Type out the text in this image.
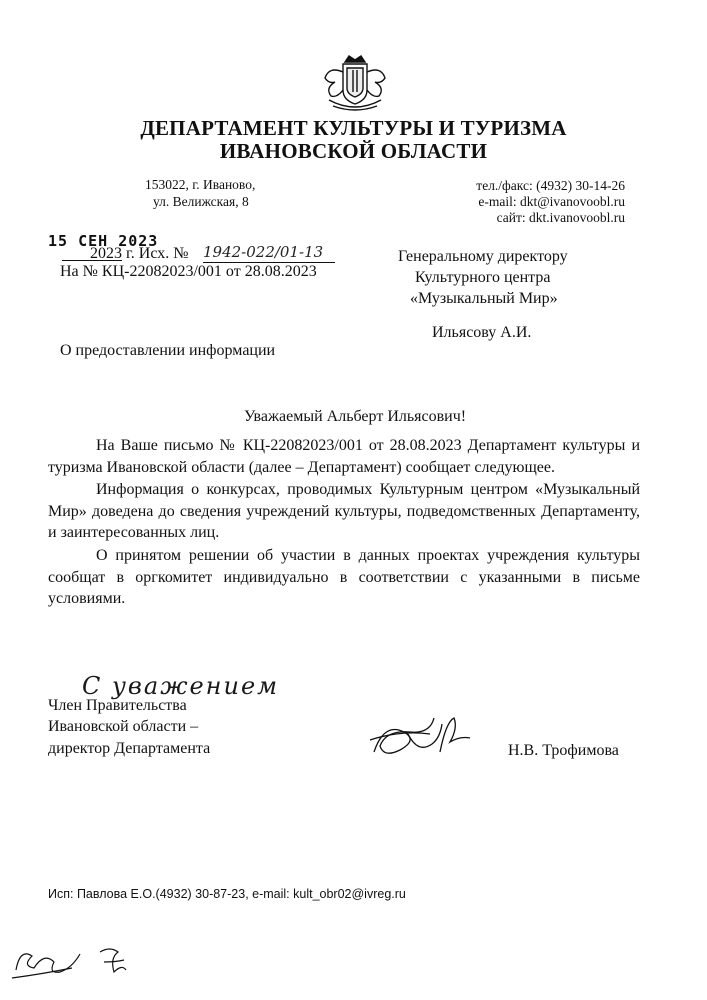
ДЕПАРТАМЕНТ КУЛЬТУРЫ И ТУРИЗМА
ИВАНОВСКОЙ ОБЛАСТИ
153022, г. Иваново,
ул. Велижская, 8
тел./факс: (4932) 30-14-26
e-mail: dkt@ivanovoobl.ru
сайт: dkt.ivanovoobl.ru
15 СЕН 2023
2023 г. Исх. № 1942-022/01-13
На № КЦ-22082023/001 от 28.08.2023
Генеральному директору
Культурного центра
«Музыкальный Мир»
Ильясову А.И.
О предоставлении информации
Уважаемый Альберт Ильясович!
На Ваше письмо № КЦ-22082023/001 от 28.08.2023 Департамент культуры и туризма Ивановской области (далее – Департамент) сообщает следующее.
Информация о конкурсах, проводимых Культурным центром «Музыкальный Мир» доведена до сведения учреждений культуры, подведомственных Департаменту, и заинтересованных лиц.
О принятом решении об участии в данных проектах учреждения культуры сообщат в оргкомитет индивидуально в соответствии с указанными в письме условиями.
С уважением
Член Правительства
Ивановской области –
директор Департамента	Н.В. Трофимова
Исп: Павлова Е.О.(4932) 30-87-23, e-mail: kult_obr02@ivreg.ru
